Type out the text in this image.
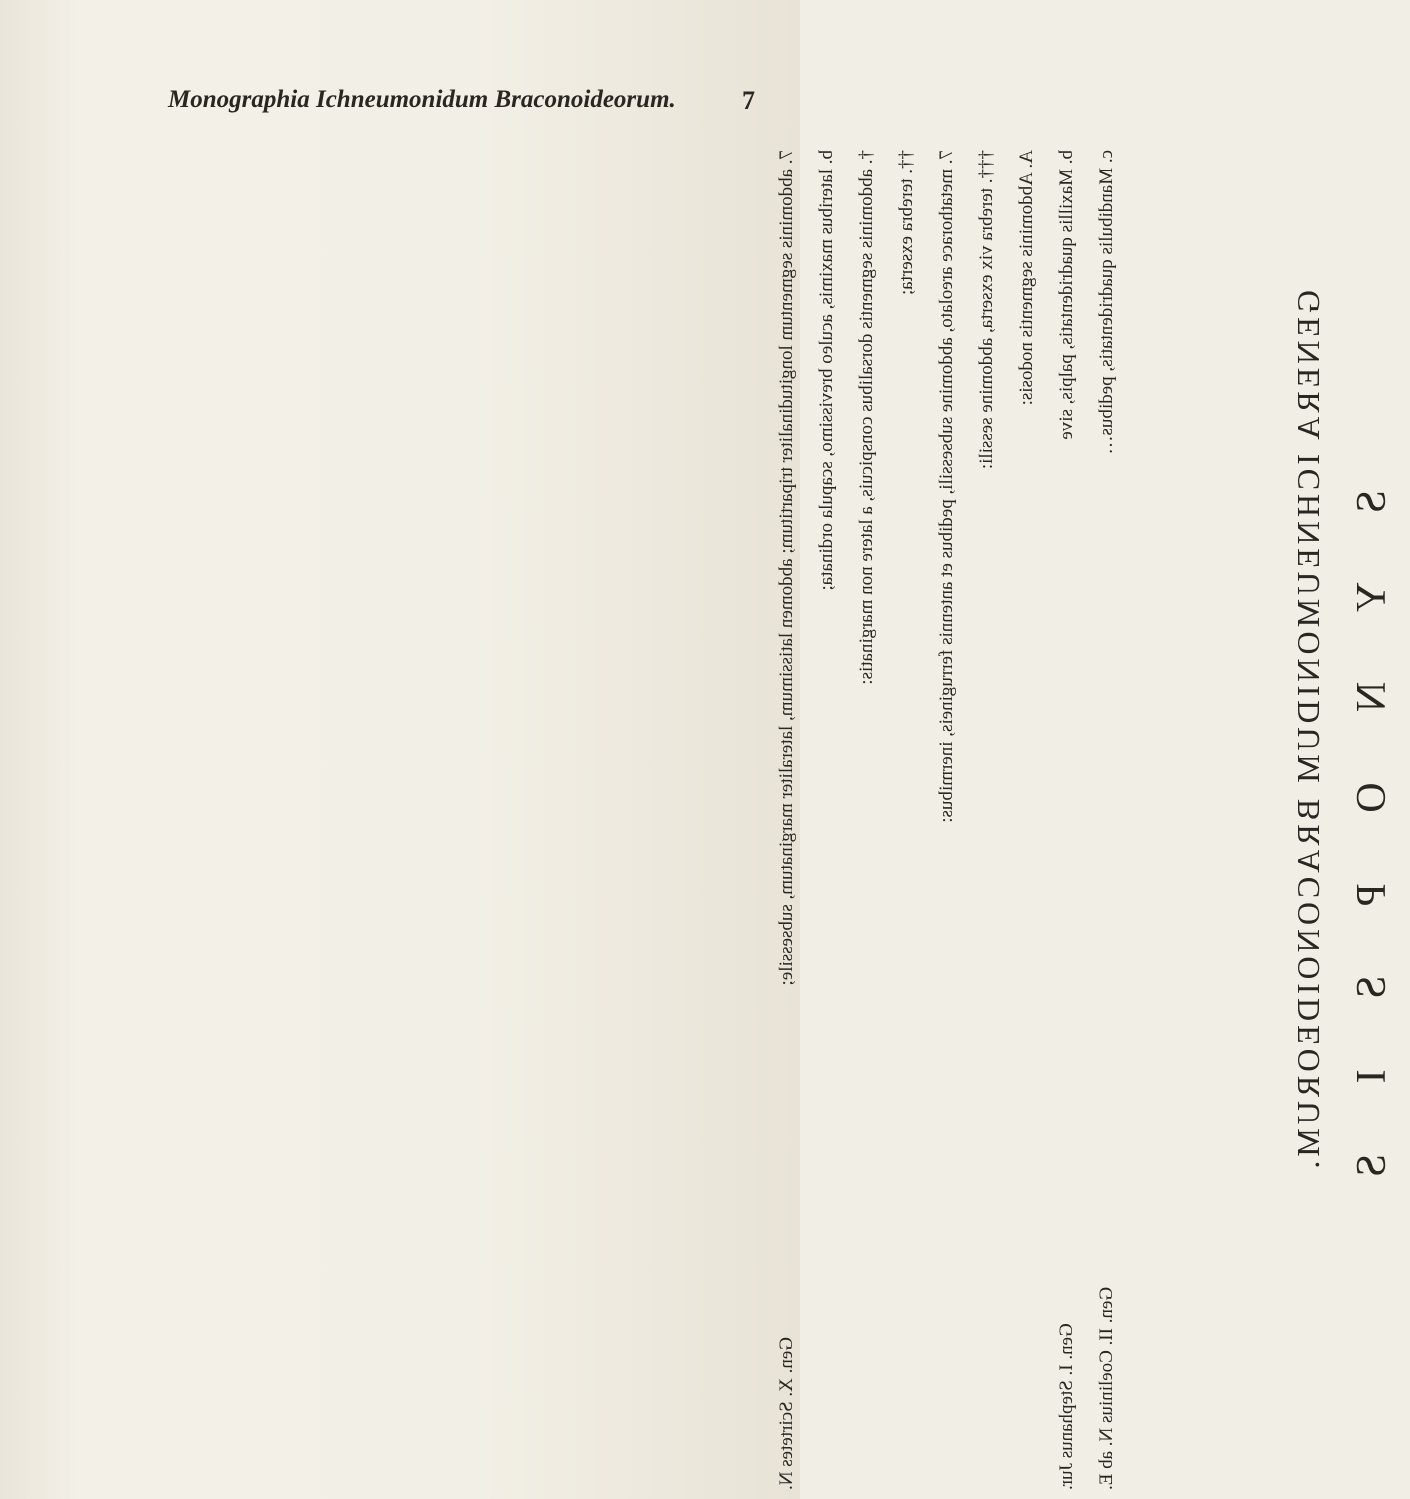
Monographia Ichneumonidum Braconoideorum.	7
7. abdominis segmentum longitudinaliter tripartitum; abdomen latissimum, lateraliter marginatum, subsessile; b. lateribus maximis, aculeo brevissimo, scapula ordinata; †. abdominis segmentis dorsalibus conspicuis, a latere non marginatis: ††. terebra exserta; 7. metathorace areolato, abdomine subsessili, pedibus et antennis ferrugineis, inermibus: †††. terebra vix exserta, abdomine sessili: A. Abdominis segmentis nodosis: b. Maxillis quadridentatis, palpis, sive
Gen. I. Stephanus Jur.
c. Mandibulis quadridentatis, pedibus…
Gen. II. Coelinius N. ab E.
Gen. X. Scirtetes N.
GENERA ICHNEUMONIDUM BRACONOIDEORUM. S Y N O P S I S
